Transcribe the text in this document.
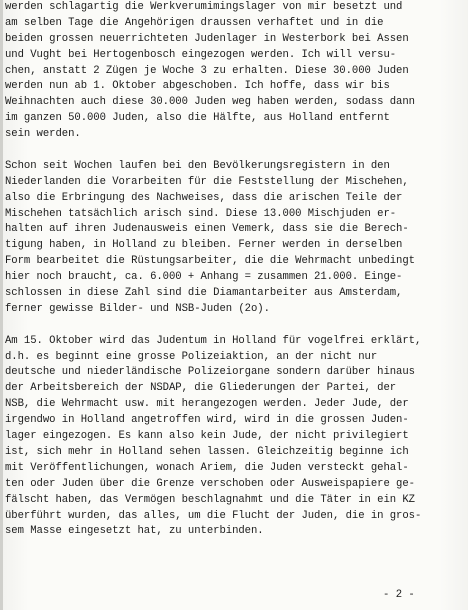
werden schlagartig die Werkverumimingslager von mir besetzt und
am selben Tage die Angehörigen draussen verhaftet und in die
beiden grossen neuerrichteten Judenlager in Westerbork bei Assen
und Vught bei Hertogenbosch eingezogen werden. Ich will versu-
chen, anstatt 2 Zügen je Woche 3 zu erhalten. Diese 30.000 Juden
werden nun ab 1. Oktober abgeschoben. Ich hoffe, dass wir bis
Weihnachten auch diese 30.000 Juden weg haben werden, sodass dann
im ganzen 50.000 Juden, also die Hälfte, aus Holland entfernt
sein werden.
Schon seit Wochen laufen bei den Bevölkerungsregistern in den
Niederlanden die Vorarbeiten für die Feststellung der Mischehen,
also die Erbringung des Nachweises, dass die arischen Teile der
Mischehen tatsächlich arisch sind. Diese 13.000 Mischjuden er-
halten auf ihren Judenausweis einen Vemerk, dass sie die Berech-
tigung haben, in Holland zu bleiben. Ferner werden in derselben
Form bearbeitet die Rüstungsarbeiter, die die Wehrmacht unbedingt
hier noch braucht, ca. 6.000 + Anhang = zusammen 21.000. Einge-
schlossen in diese Zahl sind die Diamantarbeiter aus Amsterdam,
ferner gewisse Bilder- und NSB-Juden (2o).
Am 15. Oktober wird das Judentum in Holland für vogelfrei erklärt,
d.h. es beginnt eine grosse Polizeiaktion, an der nicht nur
deutsche und niederländische Polizeiorgane sondern darüber hinaus
der Arbeitsbereich der NSDAP, die Gliederungen der Partei, der
NSB, die Wehrmacht usw. mit herangezogen werden. Jeder Jude, der
irgendwo in Holland angetroffen wird, wird in die grossen Juden-
lager eingezogen. Es kann also kein Jude, der nicht privilegiert
ist, sich mehr in Holland sehen lassen. Gleichzeitig beginne ich
mit Veröffentlichungen, wonach Ariem, die Juden versteckt gehal-
ten oder Juden über die Grenze verschoben oder Ausweispapiere ge-
fälscht haben, das Vermögen beschlagnahmt und die Täter in ein KZ
überführt wurden, das alles, um die Flucht der Juden, die in gros-
sem Masse eingesetzt hat, zu unterbinden.
- 2 -
